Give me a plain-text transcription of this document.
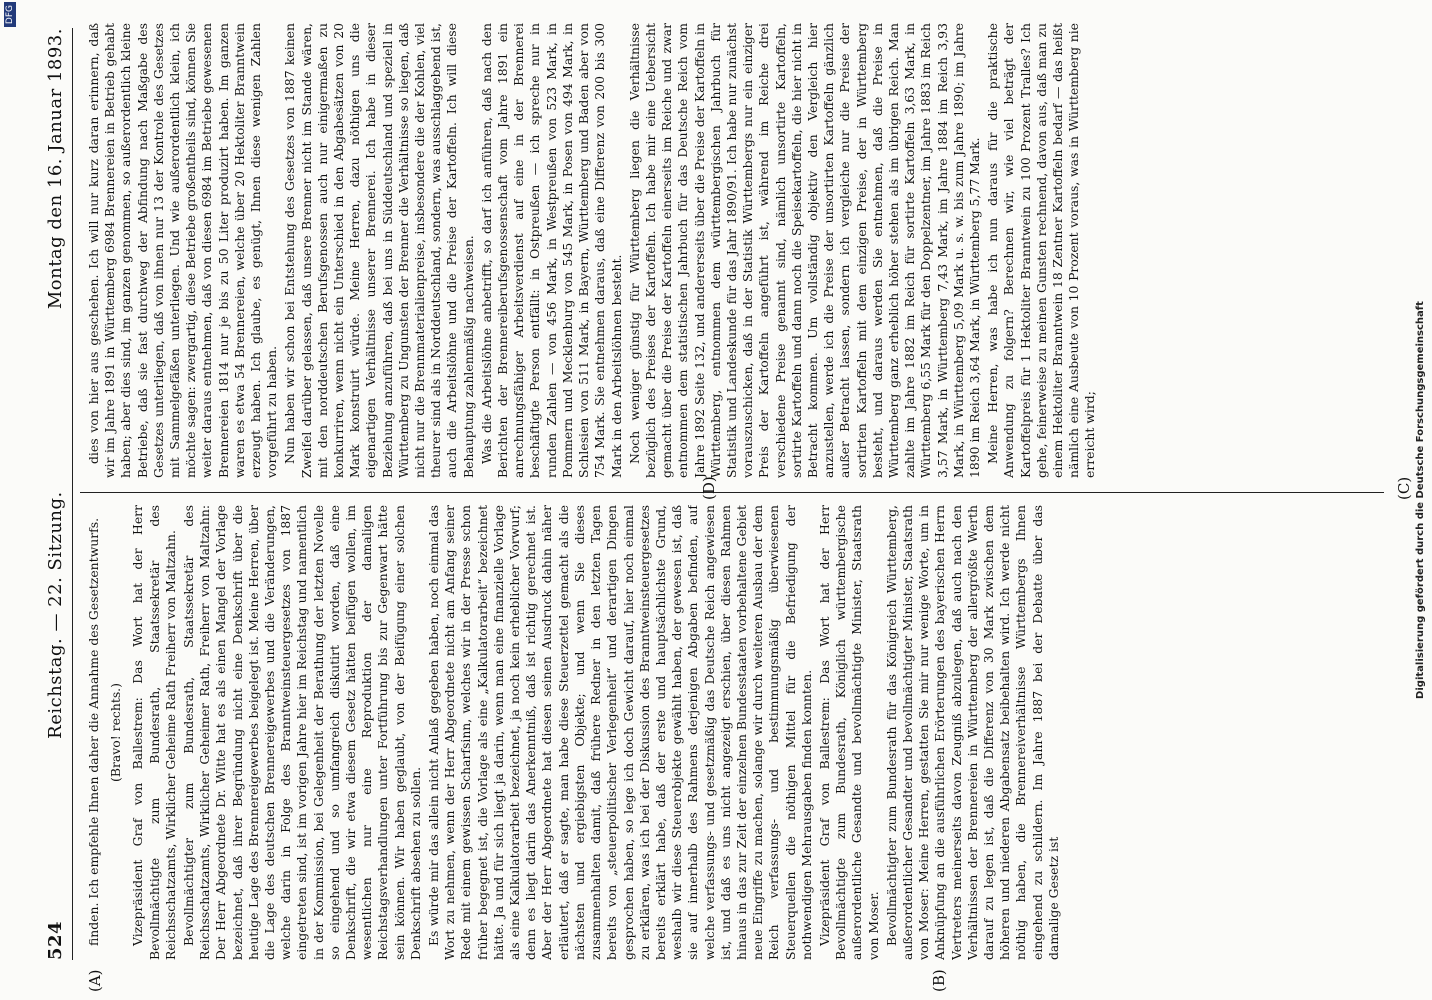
DFG
524
Reichstag. — 22. Sitzung.
Montag den 16. Januar 1893.
(A)	(B)
(C)
(D)

finden. Ich empfehle Ihnen daher die Annahme des Gesetzentwurfs. (Bravo! rechts.) Vizepräsident Graf von Ballestrem: Das Wort hat der Herr Bevollmächtigte zum Bundesrath, Staatssekretär des Reichsschatzamts, Wirklicher Geheime Rath Freiherr von Maltzahn. Bevollmächtigter zum Bundesrath, Staatssekretär des Reichsschatzamts, Wirklicher Geheimer Rath, Freiherr von Maltzahn: Der Herr Abgeordnete Dr. Witte hat es als einen Mangel der Vorlage bezeichnet, daß ihrer Begründung nicht eine Denkschrift über die heutige Lage des Brennereigewerbes beigelegt ist. Meine Herren, über die Lage des deutschen Brennereigewerbes und die Veränderungen, welche darin in Folge des Branntweinsteuergesetzes von 1887 eingetreten sind, ist im vorigen Jahre hier im Reichstag und namentlich in der Kommission, bei Gelegenheit der Berathung der letzten Novelle so eingehend und so umfangreich diskutirt worden, daß eine Denkschrift, die wir etwa diesem Gesetz hätten beifügen wollen, im wesentlichen nur eine Reproduktion der damaligen Reichstagsverhandlungen unter Fortführung bis zur Gegenwart hätte sein können. Wir haben geglaubt, von der Beifügung einer solchen Denkschrift absehen zu sollen. Es würde mir das allein nicht Anlaß gegeben haben, noch einmal das Wort zu nehmen, wenn der Herr Abgeordnete nicht am Anfang seiner Rede mit einem gewissen Scharfsinn, welches wir in der Presse schon früher begegnet ist, die Vorlage als eine „Kalkulatorarbeit“ bezeichnet hätte. Ja und für sich liegt ja darin, wenn man eine finanzielle Vorlage als eine Kalkulatorarbeit bezeichnet, ja noch kein erheblicher Vorwurf; denn es liegt darin das Anerkenntniß, daß ist richtig gerechnet ist. Aber der Herr Abgeordnete hat diesen seinen Ausdruck dahin näher erläutert, daß er sagte, man habe diese Steuerzettel gemacht als die nächsten und ergiebigsten Objekte; und wenn Sie dieses zusammenhalten damit, daß frühere Redner in den letzten Tagen bereits von „steuerpolitischer Verlegenheit“ und derartigen Dingen gesprochen haben, so lege ich doch Gewicht darauf, hier noch einmal zu erklären, was ich bei der Diskussion des Branntweinsteuergesetzes bereits erklärt habe, daß der erste und hauptsächlichste Grund, weshalb wir diese Steuerobjekte gewählt haben, der gewesen ist, daß sie auf innerhalb des Rahmens derjenigen Abgaben befinden, auf welche verfassungs- und gesetzmäßig das Deutsche Reich angewiesen ist, und daß es uns nicht angezeigt erschien, über diesen Rahmen hinaus in das zur Zeit der einzelnen Bundesstaaten vorbehaltene Gebiet neue Eingriffe zu machen, solange wir durch weiteren Ausbau der dem Reich verfassungs- und bestimmungsmäßig überwiesenen Steuerquellen die nöthigen Mittel für die Befriedigung der nothwendigen Mehrausgaben finden konnten. Vizepräsident Graf von Ballestrem: Das Wort hat der Herr Bevollmächtigte zum Bundesrath, Königlich württembergische außerordentliche Gesandte und bevollmächtigte Minister, Staatsrath von Moser. Bevollmächtigter zum Bundesrath für das Königreich Württemberg, außerordentlicher Gesandter und bevollmächtigter Minister, Staatsrath von Moser: Meine Herren, gestatten Sie mir nur wenige Worte, um in Anknüpfung an die ausführlichen Erörterungen des bayerischen Herrn Vertreters meinerseits davon Zeugniß abzulegen, daß auch nach den Verhältnissen der Brennereien in Württemberg der allergrößte Werth darauf zu legen ist, daß die Differenz von 30 Mark zwischen dem höheren und niederen Abgabensatz beibehalten wird. Ich werde nicht nöthig haben, die Brennereiverhältnisse Württembergs Ihnen eingehend zu schildern. Im Jahre 1887 bei der Debatte über das damalige Gesetz ist

dies von hier aus geschehen. Ich will nur kurz daran erinnern, daß wir im Jahre 1891 in Württemberg 6984 Brennereien in Betrieb gehabt haben; aber dies sind, im ganzen genommen, so außerordentlich kleine Betriebe, daß sie fast durchweg der Abfindung nach Maßgabe des Gesetzes unterliegen, daß von ihnen nur 13 der Kontrole des Gesetzes mit Sammelgefäßen unterliegen. Und wie außerordentlich klein, ich möchte sagen: zwergartig, diese Betriebe großentheils sind, können Sie weiter daraus entnehmen, daß von diesen 6984 im Betriebe gewesenen Brennereien 1814 nur je bis zu 50 Liter produzirt haben. Im ganzen waren es etwa 54 Brennereien, welche über 20 Hektoliter Branntwein erzeugt haben. Ich glaube, es genügt, Ihnen diese wenigen Zahlen vorgeführt zu haben. Nun haben wir schon bei Entstehung des Gesetzes von 1887 keinen Zweifel darüber gelassen, daß unsere Brenner nicht im Stande wären, mit den norddeutschen Berufsgenossen auch nur einigermaßen zu konkurriren, wenn nicht ein Unterschied in den Abgabesätzen von 20 Mark konstruirt würde. Meine Herren, dazu nöthigen uns die eigenartigen Verhältnisse unserer Brennerei. Ich habe in dieser Beziehung anzuführen, daß bei uns in Süddeutschland und speziell in Württemberg zu Ungunsten der Brenner die Verhältnisse so liegen, daß nicht nur die Brennmaterialienpreise, insbesondere die der Kohlen, viel theurer sind als in Norddeutschland, sondern, was ausschlaggebend ist, auch die Arbeitslöhne und die Preise der Kartoffeln. Ich will diese Behauptung zahlenmäßig nachweisen. Was die Arbeitslöhne anbetrifft, so darf ich anführen, daß nach den Berichten der Brennereiberufsgenossenschaft vom Jahre 1891 ein anrechnungsfähiger Arbeitsverdienst auf eine in der Brennerei beschäftigte Person entfällt: in Ostpreußen — ich spreche nur in runden Zahlen — von 456 Mark, in Westpreußen von 523 Mark, in Pommern und Mecklenburg von 545 Mark, in Posen von 494 Mark, in Schlesien von 511 Mark, in Bayern, Württemberg und Baden aber von 754 Mark. Sie entnehmen daraus, daß eine Differenz von 200 bis 300 Mark in den Arbeitslöhnen besteht. Noch weniger günstig für Württemberg liegen die Verhältnisse bezüglich des Preises der Kartoffeln. Ich habe mir eine Uebersicht gemacht über die Preise der Kartoffeln einerseits im Reiche und zwar entnommen dem statistischen Jahrbuch für das Deutsche Reich vom Jahre 1892 Seite 132, und andererseits über die Preise der Kartoffeln in Württemberg, entnommen dem württembergischen Jahrbuch für Statistik und Landeskunde für das Jahr 1890/91. Ich habe nur zunächst vorauszuschicken, daß in der Statistik Württembergs nur ein einziger Preis der Kartoffeln angeführt ist, während im Reiche drei verschiedene Preise genannt sind, nämlich unsortirte Kartoffeln, sortirte Kartoffeln und dann noch die Speisekartoffeln, die hier nicht in Betracht kommen. Um vollständig objektiv den Vergleich hier anzustellen, werde ich die Preise der unsortirten Kartoffeln gänzlich außer Betracht lassen, sondern ich vergleiche nur die Preise der sortirten Kartoffeln mit dem einzigen Preise, der in Württemberg besteht, und daraus werden Sie entnehmen, daß die Preise in Württemberg ganz erheblich höher stehen als im übrigen Reich. Man zahlte im Jahre 1882 im Reich für sortirte Kartoffeln 3,63 Mark, in Württemberg 6,55 Mark für den Doppelzentner, im Jahre 1883 im Reich 3,57 Mark, in Württemberg 7,43 Mark, im Jahre 1884 im Reich 3,93 Mark, in Württemberg 5,09 Mark u. s. w. bis zum Jahre 1890; im Jahre 1890 im Reich 3,64 Mark, in Württemberg 5,77 Mark. Meine Herren, was habe ich nun daraus für die praktische Anwendung zu folgern? Berechnen wir, wie viel beträgt der Kartoffelpreis für 1 Hektoliter Branntwein zu 100 Prozent Tralles? Ich gehe, feinerweise zu meinen Gunsten rechnend, davon aus, daß man zu einem Hektoliter Branntwein 18 Zentner Kartoffeln bedarf — das heißt nämlich eine Ausbeute von 10 Prozent voraus, was in Württemberg nie erreicht wird;	Digitalisierung gefördert durch die Deutsche Forschungsgemeinschaft
